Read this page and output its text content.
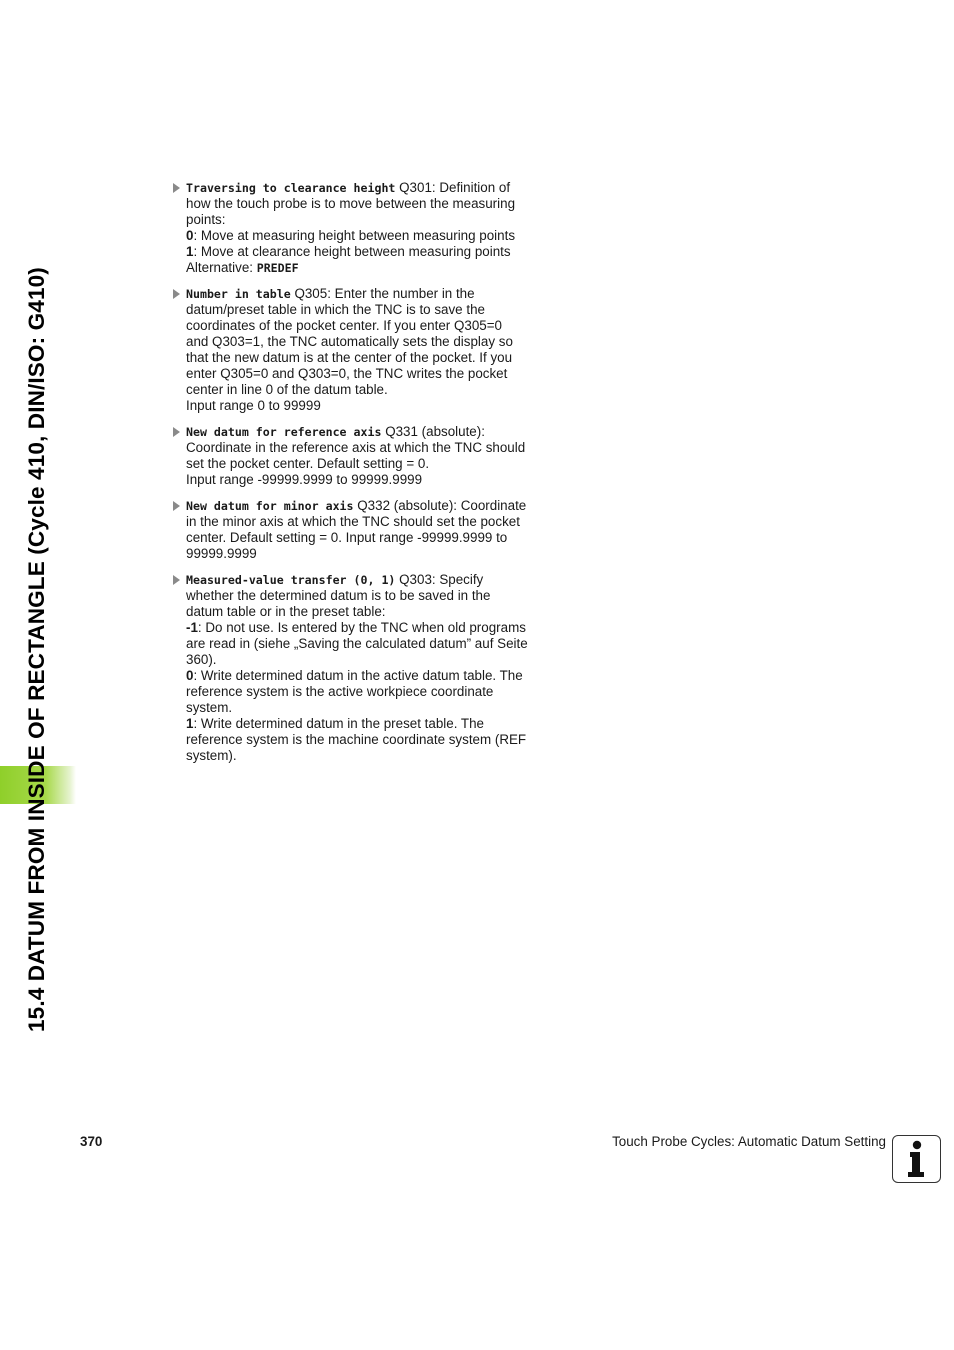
15.4 DATUM FROM INSIDE OF RECTANGLE (Cycle 410, DIN/ISO: G410)
Traversing to clearance height Q301: Definition of how the touch probe is to move between the measuring points:
0: Move at measuring height between measuring points
1: Move at clearance height between measuring points
Alternative: PREDEF
Number in table Q305: Enter the number in the datum/preset table in which the TNC is to save the coordinates of the pocket center. If you enter Q305=0 and Q303=1, the TNC automatically sets the display so that the new datum is at the center of the pocket. If you enter Q305=0 and Q303=0, the TNC writes the pocket center in line 0 of the datum table.
Input range 0 to 99999
New datum for reference axis Q331 (absolute): Coordinate in the reference axis at which the TNC should set the pocket center. Default setting = 0.
Input range -99999.9999 to 99999.9999
New datum for minor axis Q332 (absolute): Coordinate in the minor axis at which the TNC should set the pocket center. Default setting = 0. Input range -99999.9999 to 99999.9999
Measured-value transfer (0, 1) Q303: Specify whether the determined datum is to be saved in the datum table or in the preset table:
-1: Do not use. Is entered by the TNC when old programs are read in (siehe „Saving the calculated datum” auf Seite 360).
0: Write determined datum in the active datum table. The reference system is the active workpiece coordinate system.
1: Write determined datum in the preset table. The reference system is the machine coordinate system (REF system).
370	Touch Probe Cycles: Automatic Datum Setting
